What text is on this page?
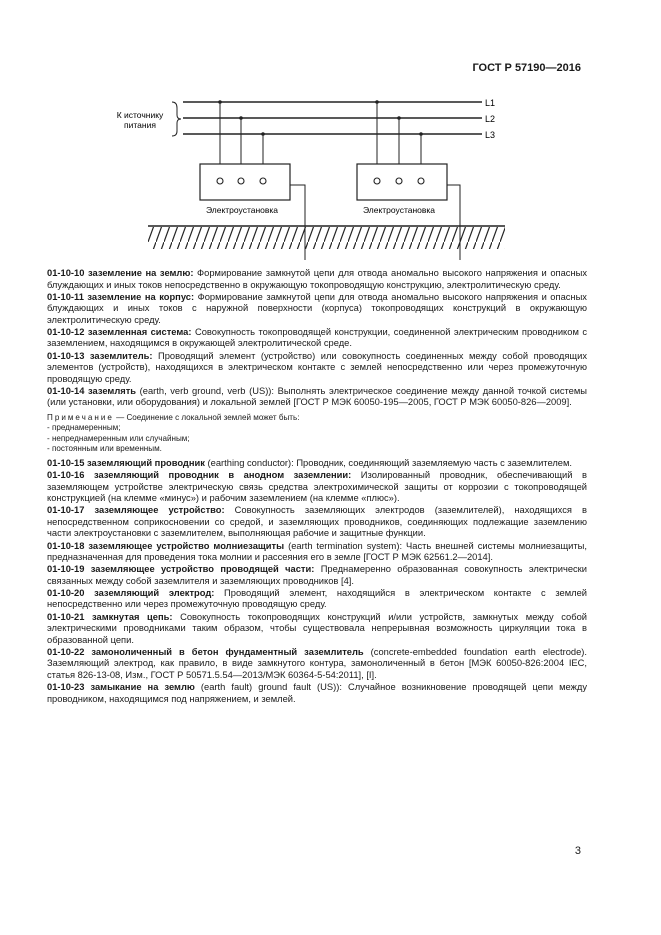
ГОСТ Р 57190—2016
К источнику
питания
L1
L2
L3
Электроустановка	Электроустановка

01-10-10 заземление на землю: Формирование замкнутой цепи для отвода аномально высокого напряжения и опасных блуждающих и иных токов непосредственно в окружающую токопроводящую конструкцию, электролитическую среду.

01-10-11 заземление на корпус: Формирование замкнутой цепи для отвода аномально высокого напряжения и опасных блуждающих и иных токов с наружной поверхности (корпуса) токопроводящих конструкций в окружающую электролитическую среду.

01-10-12 заземленная система: Совокупность токопроводящей конструкции, соединенной электрическим проводником с заземлением, находящимся в окружающей электролитической среде.

01-10-13 заземлитель: Проводящий элемент (устройство) или совокупность соединенных между собой проводящих элементов (устройств), находящихся в электрическом контакте с землей непосредственно или через промежуточную проводящую среду.

01-10-14 заземлять (earth, verb ground, verb (US)): Выполнять электрическое соединение между данной точкой системы (или установки, или оборудования) и локальной землей [ГОСТ Р МЭК 60050-195—2005, ГОСТ Р МЭК 60050-826—2009].

Примечание — Соединение с локальной землей может быть:

- преднамеренным;

- непреднамеренным или случайным;

- постоянным или временным.

01-10-15 заземляющий проводник (earthing conductor): Проводник, соединяющий заземляемую часть с заземлителем.

01-10-16 заземляющий проводник в анодном заземлении: Изолированный проводник, обеспечивающий в заземляющем устройстве электрическую связь средства электрохимической защиты от коррозии с токопроводящей конструкцией (на клемме «минус») и рабочим заземлением (на клемме «плюс»).

01-10-17 заземляющее устройство: Совокупность заземляющих электродов (заземлителей), находящихся в непосредственном соприкосновении со средой, и заземляющих проводников, соединяющих подлежащие заземлению части электроустановки с заземлителем, выполняющая рабочие и защитные функции.

01-10-18 заземляющее устройство молниезащиты (earth termination system): Часть внешней системы молниезащиты, предназначенная для проведения тока молнии и рассеяния его в земле [ГОСТ Р МЭК 62561.2—2014].

01-10-19 заземляющее устройство проводящей части: Преднамеренно образованная совокупность электрически связанных между собой заземлителя и заземляющих проводников [4].

01-10-20 заземляющий электрод: Проводящий элемент, находящийся в электрическом контакте с землей непосредственно или через промежуточную проводящую среду.

01-10-21 замкнутая цепь: Совокупность токопроводящих конструкций и/или устройств, замкнутых между собой электрическими проводниками таким образом, чтобы существовала непрерывная возможность циркуляции тока в образованной цепи.

01-10-22 замоноличенный в бетон фундаментный заземлитель (concrete-embedded foundation earth electrode). Заземляющий электрод, как правило, в виде замкнутого контура, замоноличенный в бетон [МЭК 60050-826:2004 IEC, статья 826-13-08, Изм., ГОСТ Р 50571.5.54—2013/МЭК 60364-5-54:2011], [I].

01-10-23 замыкание на землю (earth fault) ground fault (US)): Случайное возникновение проводящей цепи между проводником, находящимся под напряжением, и землей.

3
